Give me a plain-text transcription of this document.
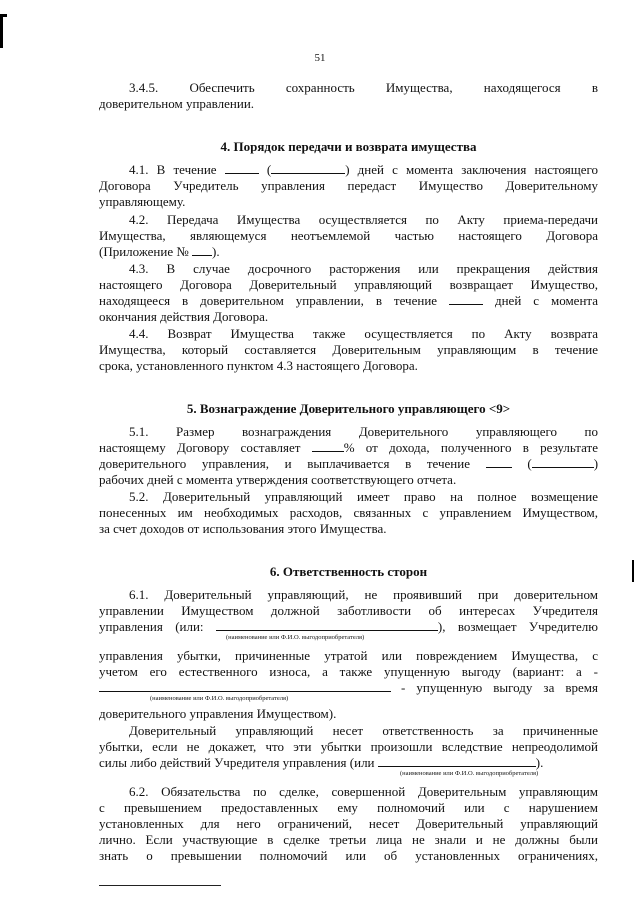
51
3.4.5. Обеспечить сохранность Имущества, находящегося в

доверительном управлении.

4. Порядок передачи и возврата имущества

4.1. В течение	(	) дней с момента заключения настоящего

Договора Учредитель управления передаст Имущество Доверительному

управляющему.

4.2. Передача Имущества осуществляется по Акту приема-передачи

Имущества, являющемуся неотъемлемой частью настоящего Договора

(Приложение № ).

4.3. В случае досрочного расторжения или прекращения действия

настоящего Договора Доверительный управляющий возвращает Имущество,

находящееся в доверительном управлении, в течение	дней с момента

окончания действия Договора.

4.4. Возврат Имущества также осуществляется по Акту возврата

Имущества, который составляется Доверительным управляющим в течение

срока, установленного пунктом 4.3 настоящего Договора.

5. Вознаграждение Доверительного управляющего <9>

5.1. Размер вознаграждения Доверительного управляющего по

настоящему Договору составляет	% от дохода, полученного в результате

доверительного управления, и выплачивается в течение	(	)

рабочих дней с момента утверждения соответствующего отчета.

5.2. Доверительный управляющий имеет право на полное возмещение

понесенных им необходимых расходов, связанных с управлением Имуществом,

за счет доходов от использования этого Имущества.

6. Ответственность сторон

6.1. Доверительный управляющий, не проявивший при доверительном

управлении Имуществом должной заботливости об интересах Учредителя

управления (или:	), возмещает Учредителю

(наименование или Ф.И.О. выгодоприобретателя)

управления убытки, причиненные утратой или повреждением Имущества, с

учетом его естественного износа, а также упущенную выгоду (вариант: а -

- упущенную выгоду за время
(наименование или Ф.И.О. выгодоприобретателя)

доверительного управления Имуществом).

Доверительный управляющий несет ответственность за причиненные

убытки, если не докажет, что эти убытки произошли вследствие непреодолимой

силы либо действий Учредителя управления (или	).

(наименование или Ф.И.О. выгодоприобретателя)

6.2. Обязательства по сделке, совершенной Доверительным управляющим

с превышением предоставленных ему полномочий или с нарушением

установленных для него ограничений, несет Доверительный управляющий

лично. Если участвующие в сделке третьи лица не знали и не должны были

знать о превышении полномочий или об установленных ограничениях,
